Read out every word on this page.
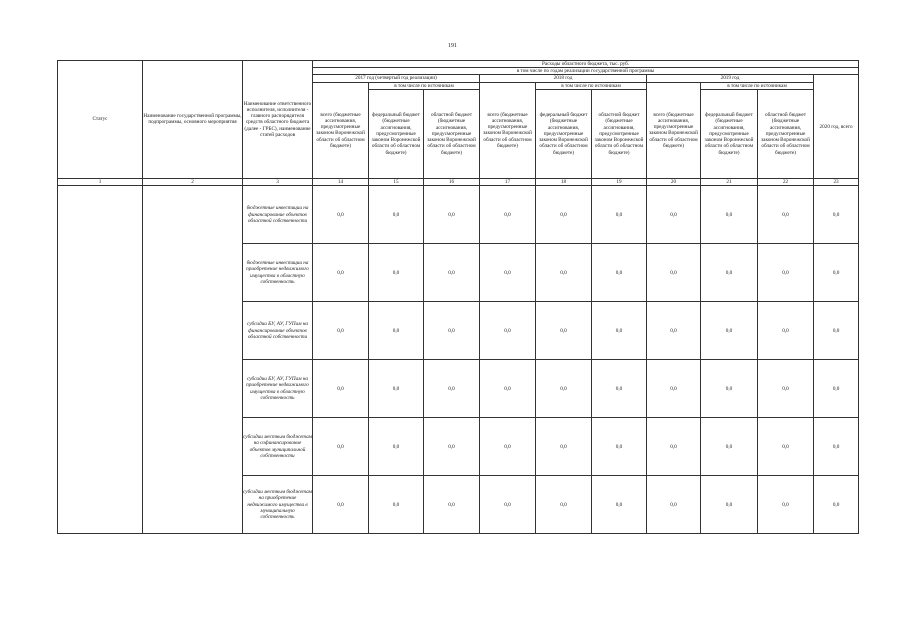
191
Статус	Наименование государственной программы, подпрограммы, основного мероприятия	Наименование ответственного исполнителя, исполнителя - главного распорядителя средств областного бюджета (далее - ГРБС), наименование статей расходов	Расходы областного бюджета, тыс. руб.									
			в том числе по годам реализации государственной программы									
			2017 год (четвертый год реализации)			2018 год			2019 год			2020 год, всего
			всего (бюджетные ассигнования, предусмотренные законом Воронежской области об областном бюджете)	в том числе по источникам		всего (бюджетные ассигнования, предусмотренные законом Воронежской области об областном бюджете)	в том числе по источникам		всего (бюджетные ассигнования, предусмотренные законом Воронежской области об областном бюджете)	в том числе по источникам		
				федеральный бюджет (бюджетные ассигнования, предусмотренные законом Воронежской области об областном бюджете)	областной бюджет (бюджетные ассигнования, предусмотренные законом Воронежской области об областном бюджете)		федеральный бюджет (бюджетные ассигнования, предусмотренные законом Воронежской области об областном бюджете)	областной бюджет (бюджетные ассигнования, предусмотренные законом Воронежской области об областном бюджете)		федеральный бюджет (бюджетные ассигнования, предусмотренные законом Воронежской области об областном бюджете)	областной бюджет (бюджетные ассигнования, предусмотренные законом Воронежской области об областном бюджете)	
1	2	3	14	15	16	17	18	19	20	21	22	23
		бюджетные инвестиции на финансирование объектов областной собственности	0,0	0,0	0,0	0,0	0,0	0,0	0,0	0,0	0,0	0,0
		бюджетные инвестиции на приобретение недвижимого имущества в областную собственность	0,0	0,0	0,0	0,0	0,0	0,0	0,0	0,0	0,0	0,0
		субсидии БУ, АУ, ГУПам на финансирование объектов областной собственности	0,0	0,0	0,0	0,0	0,0	0,0	0,0	0,0	0,0	0,0
		субсидии БУ, АУ, ГУПам на приобретение недвижимого имущества в областную собственность	0,0	0,0	0,0	0,0	0,0	0,0	0,0	0,0	0,0	0,0
		субсидии местным бюджетам на софинансирование объектов муниципальной собственности	0,0	0,0	0,0	0,0	0,0	0,0	0,0	0,0	0,0	0,0
		субсидии местным бюджетам на приобретение недвижимого имущества в муниципальную собственность	0,0	0,0	0,0	0,0	0,0	0,0	0,0	0,0	0,0	0,0
